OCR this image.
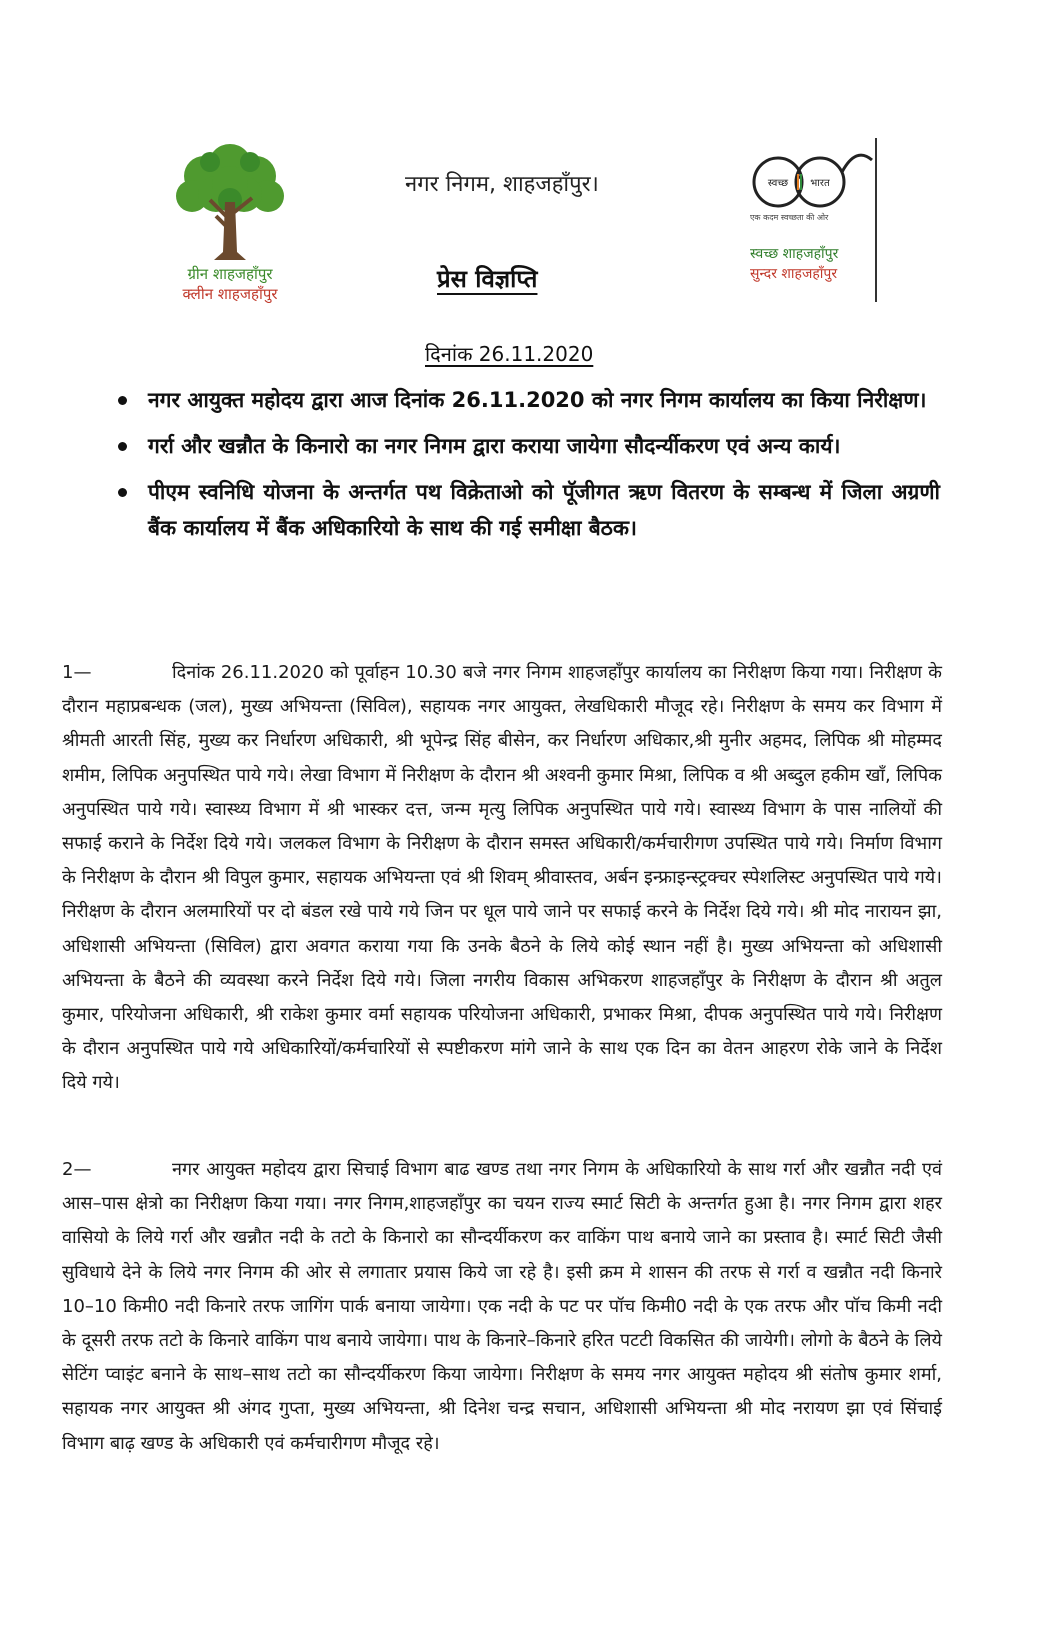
ग्रीन शाहजहाँपुर
क्लीन शाहजहाँपुर
नगर निगम, शाहजहाँपुर।
प्रेस विज्ञप्ति
स्वच्छ भारत
एक कदम स्वच्छता की ओर
स्वच्छ शाहजहाँपुर
सुन्दर शाहजहाँपुर
दिनांक 26.11.2020
नगर आयुक्त महोदय द्वारा आज दिनांक 26.11.2020 को नगर निगम कार्यालय का किया निरीक्षण।
गर्रा और खन्नौत के किनारो का नगर निगम द्वारा कराया जायेगा सौदर्न्यीकरण एवं अन्य कार्य।
पीएम स्वनिधि योजना के अन्तर्गत पथ विक्रेताओ को पूॅजीगत ऋण वितरण के सम्बन्ध में जिला अग्रणी बैंक कार्यालय में बैंक अधिकारियो के साथ की गई समीक्षा बैठक।
1—	दिनांक 26.11.2020 को पूर्वाहन 10.30 बजे नगर निगम शाहजहाँपुर कार्यालय का निरीक्षण किया गया। निरीक्षण के दौरान महाप्रबन्धक (जल), मुख्य अभियन्ता (सिविल), सहायक नगर आयुक्त, लेखधिकारी मौजूद रहे। निरीक्षण के समय कर विभाग में श्रीमती आरती सिंह, मुख्य कर निर्धारण अधिकारी, श्री भूपेन्द्र सिंह बीसेन, कर निर्धारण अधिकार,श्री मुनीर अहमद, लिपिक श्री मोहम्मद शमीम, लिपिक अनुपस्थित पाये गये। लेखा विभाग में निरीक्षण के दौरान श्री अश्वनी कुमार मिश्रा, लिपिक व श्री अब्दुल हकीम खाँ, लिपिक अनुपस्थित पाये गये। स्वास्थ्य विभाग में श्री भास्कर दत्त, जन्म मृत्यु लिपिक अनुपस्थित पाये गये। स्वास्थ्य विभाग के पास नालियों की सफाई कराने के निर्देश दिये गये। जलकल विभाग के निरीक्षण के दौरान समस्त अधिकारी/कर्मचारीगण उपस्थित पाये गये। निर्माण विभाग के निरीक्षण के दौरान श्री विपुल कुमार, सहायक अभियन्ता एवं श्री शिवम् श्रीवास्तव, अर्बन इन्फ्राइन्स्ट्रक्चर स्पेशलिस्ट अनुपस्थित पाये गये। निरीक्षण के दौरान अलमारियों पर दो बंडल रखे पाये गये जिन पर धूल पाये जाने पर सफाई करने के निर्देश दिये गये। श्री मोद नारायन झा, अधिशासी अभियन्ता (सिविल) द्वारा अवगत कराया गया कि उनके बैठने के लिये कोई स्थान नहीं है। मुख्य अभियन्ता को अधिशासी अभियन्ता के बैठने की व्यवस्था करने निर्देश दिये गये। जिला नगरीय विकास अभिकरण शाहजहाँपुर के निरीक्षण के दौरान श्री अतुल कुमार, परियोजना अधिकारी, श्री राकेश कुमार वर्मा सहायक परियोजना अधिकारी, प्रभाकर मिश्रा, दीपक अनुपस्थित पाये गये। निरीक्षण के दौरान अनुपस्थित पाये गये अधिकारियों/कर्मचारियों से स्पष्टीकरण मांगे जाने के साथ एक दिन का वेतन आहरण रोके जाने के निर्देश दिये गये।
2—	नगर आयुक्त महोदय द्वारा सिचाई विभाग बाढ खण्ड तथा नगर निगम के अधिकारियो के साथ गर्रा और खन्नौत नदी एवं आस–पास क्षेत्रो का निरीक्षण किया गया। नगर निगम,शाहजहाँपुर का चयन राज्य स्मार्ट सिटी के अन्तर्गत हुआ है। नगर निगम द्वारा शहर वासियो के लिये गर्रा और खन्नौत नदी के तटो के किनारो का सौन्दर्यीकरण कर वाकिंग पाथ बनाये जाने का प्रस्ताव है। स्मार्ट सिटी जैसी सुविधाये देने के लिये नगर निगम की ओर से लगातार प्रयास किये जा रहे है। इसी क्रम मे शासन की तरफ से गर्रा व खन्नौत नदी किनारे 10–10 किमी0 नदी किनारे तरफ जागिंग पार्क बनाया जायेगा। एक नदी के पट पर पॉच किमी0 नदी के एक तरफ और पॉच किमी नदी के दूसरी तरफ तटो के किनारे वाकिंग पाथ बनाये जायेगा। पाथ के किनारे–किनारे हरित पटटी विकसित की जायेगी। लोगो के बैठने के लिये सेटिंग प्वाइंट बनाने के साथ–साथ तटो का सौन्दर्यीकरण किया जायेगा। निरीक्षण के समय नगर आयुक्त महोदय श्री संतोष कुमार शर्मा, सहायक नगर आयुक्त श्री अंगद गुप्ता, मुख्य अभियन्ता, श्री दिनेश चन्द्र सचान, अधिशासी अभियन्ता श्री मोद नरायण झा एवं सिंचाई विभाग बाढ़ खण्ड के अधिकारी एवं कर्मचारीगण मौजूद रहे।
